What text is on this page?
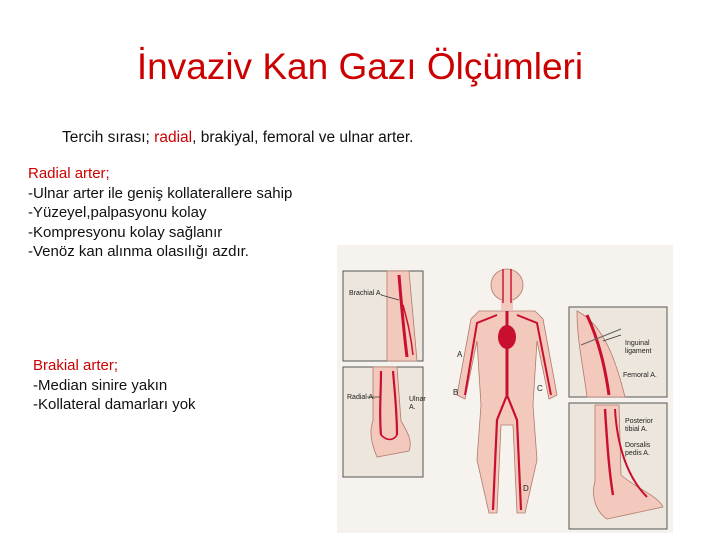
İnvaziv Kan Gazı Ölçümleri
Tercih sırası; radial, brakiyal, femoral ve ulnar arter.
Radial arter;
-Ulnar arter ile geniş kollaterallere sahip
-Yüzeyel,palpasyonu kolay
-Kompresyonu kolay sağlanır
-Venöz kan alınma olasılığı azdır.
Brakial arter;
-Median sinire yakın
-Kollateral damarları yok
Brachial A.
Radial A.	Ulnar
A.
A
B	C
D
Inguinal
ligament
Femoral A.
Posterior
tibial A.
Dorsalis
pedis A.
